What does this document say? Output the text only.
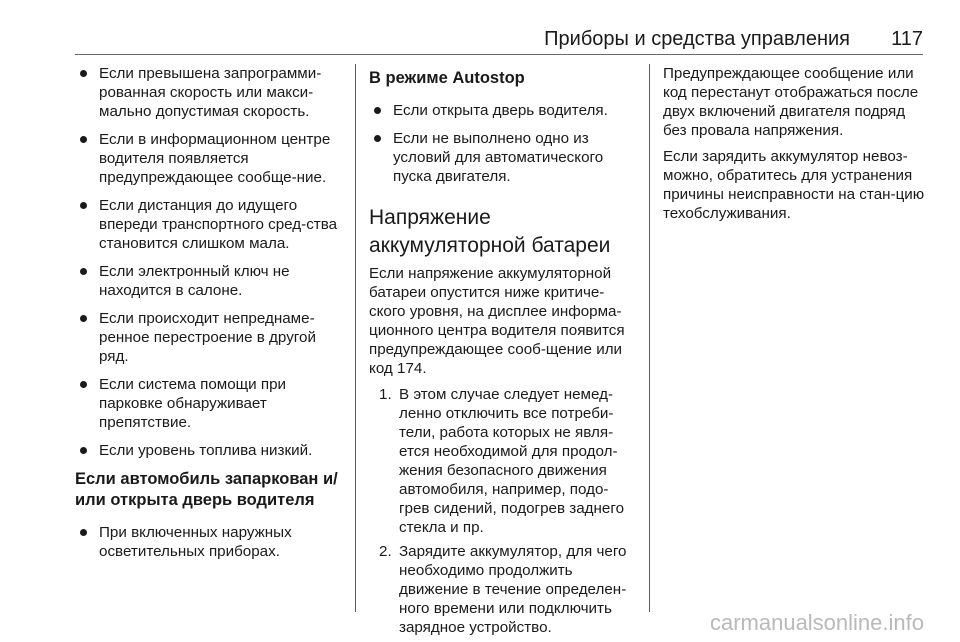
Приборы и средства управления 117
Если превышена запрограмми-рованная скорость или макси-мально допустимая скорость.
Если в информационном центре водителя появляется предупреждающее сообще-ние.
Если дистанция до идущего впереди транспортного сред-ства становится слишком мала.
Если электронный ключ не находится в салоне.
Если происходит непреднаме-ренное перестроение в другой ряд.
Если система помощи при парковке обнаруживает препятствие.
Если уровень топлива низкий.
Если автомобиль запаркован и/или открыта дверь водителя
При включенных наружных осветительных приборах.
В режиме Autostop
Если открыта дверь водителя.
Если не выполнено одно из условий для автоматического пуска двигателя.
Напряжение аккумуляторной батареи

Если напряжение аккумуляторной батареи опустится ниже критиче-ского уровня, на дисплее информа-ционного центра водителя появится предупреждающее сооб-щение или код 174.

1. В этом случае следует немед-ленно отключить все потреби-тели, работа которых не явля-ется необходимой для продол-жения безопасного движения автомобиля, например, подо-грев сидений, подогрев заднего стекла и пр.
2. Зарядите аккумулятор, для чего необходимо продолжить движение в течение определен-ного времени или подключить зарядное устройство.

Предупреждающее сообщение или код перестанут отображаться после двух включений двигателя подряд без провала напряжения.

Если зарядить аккумулятор невоз-можно, обратитесь для устранения причины неисправности на стан-цию техобслуживания.

carmanualsonline.info
